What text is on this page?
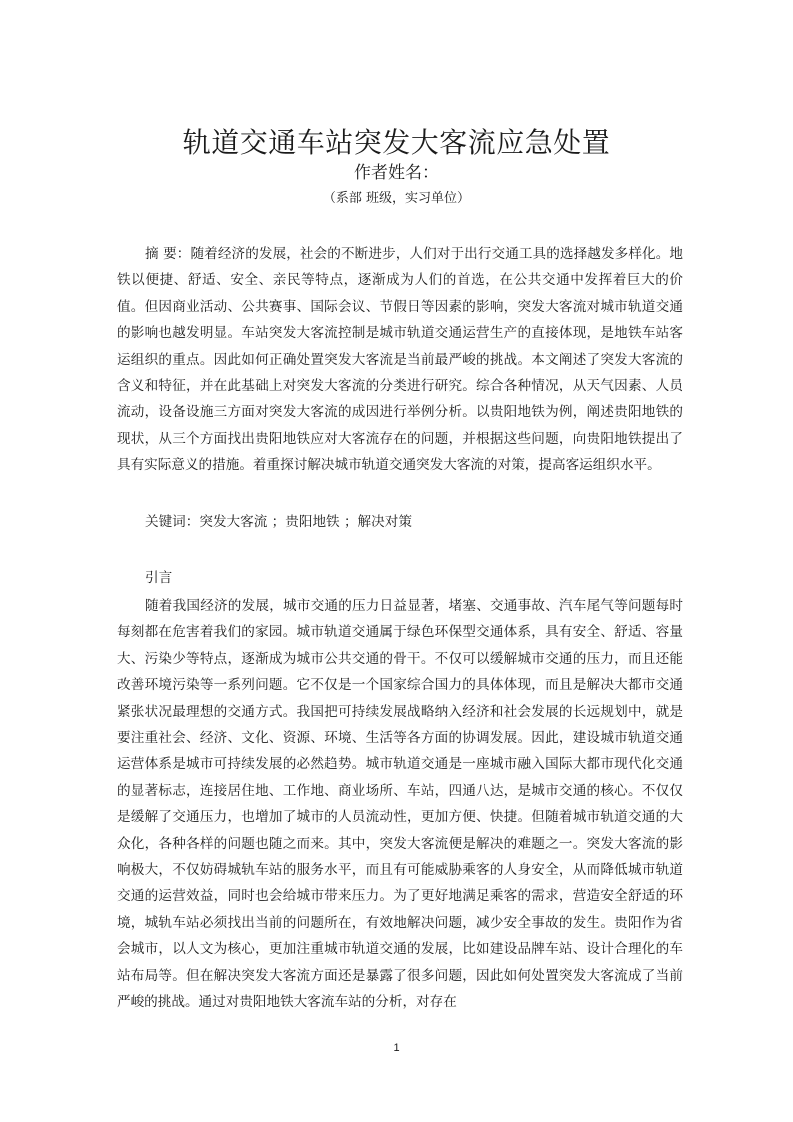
轨道交通车站突发大客流应急处置
作者姓名：
（系部 班级，实习单位）

摘 要：随着经济的发展，社会的不断进步，人们对于出行交通工具的选择越发多样化。地铁以便捷、舒适、安全、亲民等特点，逐渐成为人们的首选，在公共交通中发挥着巨大的价值。但因商业活动、公共赛事、国际会议、节假日等因素的影响，突发大客流对城市轨道交通的影响也越发明显。车站突发大客流控制是城市轨道交通运营生产的直接体现，是地铁车站客运组织的重点。因此如何正确处置突发大客流是当前最严峻的挑战。本文阐述了突发大客流的含义和特征，并在此基础上对突发大客流的分类进行研究。综合各种情况，从天气因素、人员流动，设备设施三方面对突发大客流的成因进行举例分析。以贵阳地铁为例，阐述贵阳地铁的现状，从三个方面找出贵阳地铁应对大客流存在的问题，并根据这些问题，向贵阳地铁提出了具有实际意义的措施。着重探讨解决城市轨道交通突发大客流的对策，提高客运组织水平。

关键词：突发大客流 ；贵阳地铁 ；解决对策

引言

随着我国经济的发展，城市交通的压力日益显著，堵塞、交通事故、汽车尾气等问题每时每刻都在危害着我们的家园。城市轨道交通属于绿色环保型交通体系，具有安全、舒适、容量大、污染少等特点，逐渐成为城市公共交通的骨干。不仅可以缓解城市交通的压力，而且还能改善环境污染等一系列问题。它不仅是一个国家综合国力的具体体现，而且是解决大都市交通紧张状况最理想的交通方式。我国把可持续发展战略纳入经济和社会发展的长远规划中，就是要注重社会、经济、文化、资源、环境、生活等各方面的协调发展。因此，建设城市轨道交通运营体系是城市可持续发展的必然趋势。城市轨道交通是一座城市融入国际大都市现代化交通的显著标志，连接居住地、工作地、商业场所、车站，四通八达，是城市交通的核心。不仅仅是缓解了交通压力，也增加了城市的人员流动性，更加方便、快捷。但随着城市轨道交通的大众化，各种各样的问题也随之而来。其中，突发大客流便是解决的难题之一。突发大客流的影响极大，不仅妨碍城轨车站的服务水平，而且有可能威胁乘客的人身安全，从而降低城市轨道交通的运营效益，同时也会给城市带来压力。为了更好地满足乘客的需求，营造安全舒适的环境，城轨车站必须找出当前的问题所在，有效地解决问题，减少安全事故的发生。贵阳作为省会城市，以人文为核心，更加注重城市轨道交通的发展，比如建设品牌车站、设计合理化的车站布局等。但在解决突发大客流方面还是暴露了很多问题，因此如何处置突发大客流成了当前严峻的挑战。通过对贵阳地铁大客流车站的分析，对存在

1
